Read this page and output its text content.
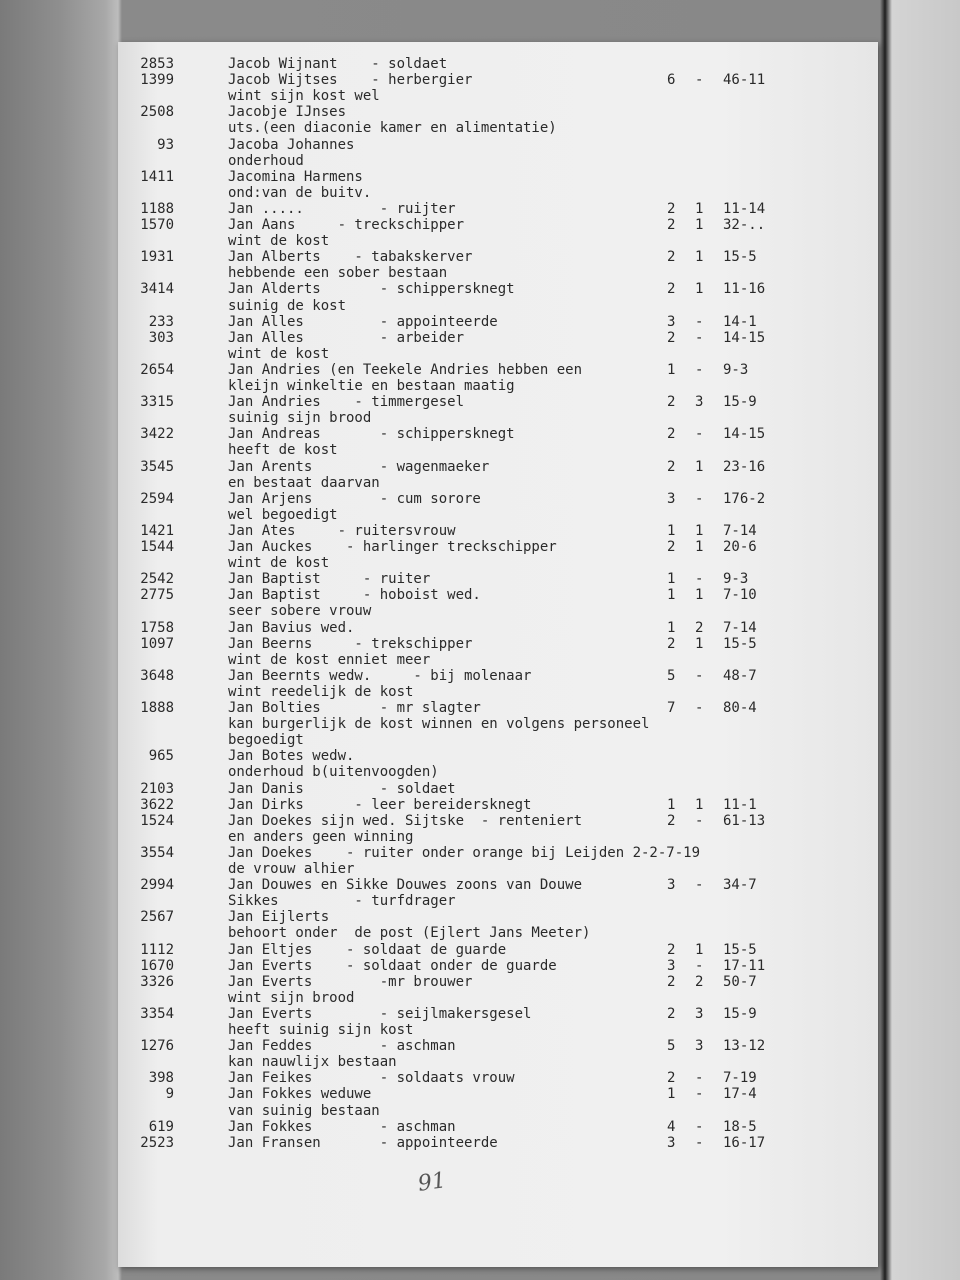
2853	Jacob Wijnant    - soldaet
1399	Jacob Wijtses    - herbergier	6 - 46-11
wint sijn kost wel
2508	Jacobje IJnses
uts.(een diaconie kamer en alimentatie)
93	Jacoba Johannes
onderhoud
1411	Jacomina Harmens
ond:van de buitv.
1188	Jan .....         - ruijter	2 1 11-14
1570	Jan Aans     - treckschipper	2 1 32-..
wint de kost
1931	Jan Alberts    - tabakskerver	2 1 15-5
hebbende een sober bestaan
3414	Jan Alderts       - schippersknegt	2 1 11-16
suinig de kost
233	Jan Alles         - appointeerde	3 - 14-1
303	Jan Alles         - arbeider	2 - 14-15
wint de kost
2654	Jan Andries (en Teekele Andries hebben een	1 - 9-3
kleijn winkeltie en bestaan maatig
3315	Jan Andries    - timmergesel	2 3 15-9
suinig sijn brood
3422	Jan Andreas       - schippersknegt	2 - 14-15
heeft de kost
3545	Jan Arents        - wagenmaeker	2 1 23-16
en bestaat daarvan
2594	Jan Arjens        - cum sorore	3 - 176-2
wel begoedigt
1421	Jan Ates     - ruitersvrouw	1 1 7-14
1544	Jan Auckes    - harlinger treckschipper	2 1 20-6
wint de kost
2542	Jan Baptist     - ruiter	1 - 9-3
2775	Jan Baptist     - hoboist wed.	1 1 7-10
seer sobere vrouw
1758	Jan Bavius wed.	1 2 7-14
1097	Jan Beerns     - trekschipper	2 1 15-5
wint de kost enniet meer
3648	Jan Beernts wedw.     - bij molenaar	5 - 48-7
wint reedelijk de kost
1888	Jan Bolties       - mr slagter	7 - 80-4
kan burgerlijk de kost winnen en volgens personeel
begoedigt
965	Jan Botes wedw.
onderhoud b(uitenvoogden)
2103	Jan Danis         - soldaet
3622	Jan Dirks      - leer bereidersknegt	1 1 11-1
1524	Jan Doekes sijn wed. Sijtske  - renteniert	2 - 61-13
en anders geen winning
3554	Jan Doekes    - ruiter onder orange bij Leijden 2-2-7-19
de vrouw alhier
2994	Jan Douwes en Sikke Douwes zoons van Douwe	3 - 34-7
Sikkes         - turfdrager
2567	Jan Eijlerts
behoort onder  de post (Ejlert Jans Meeter)
1112	Jan Eltjes    - soldaat de guarde	2 1 15-5
1670	Jan Everts    - soldaat onder de guarde	3 - 17-11
3326	Jan Everts        -mr brouwer	2 2 50-7
wint sijn brood
3354	Jan Everts        - seijlmakersgesel	2 3 15-9
heeft suinig sijn kost
1276	Jan Feddes        - aschman	5 3 13-12
kan nauwlijx bestaan
398	Jan Feikes        - soldaats vrouw	2 - 7-19
9	Jan Fokkes weduwe	1 - 17-4
van suinig bestaan
619	Jan Fokkes        - aschman	4 - 18-5
2523	Jan Fransen       - appointeerde	3 - 16-17
91
